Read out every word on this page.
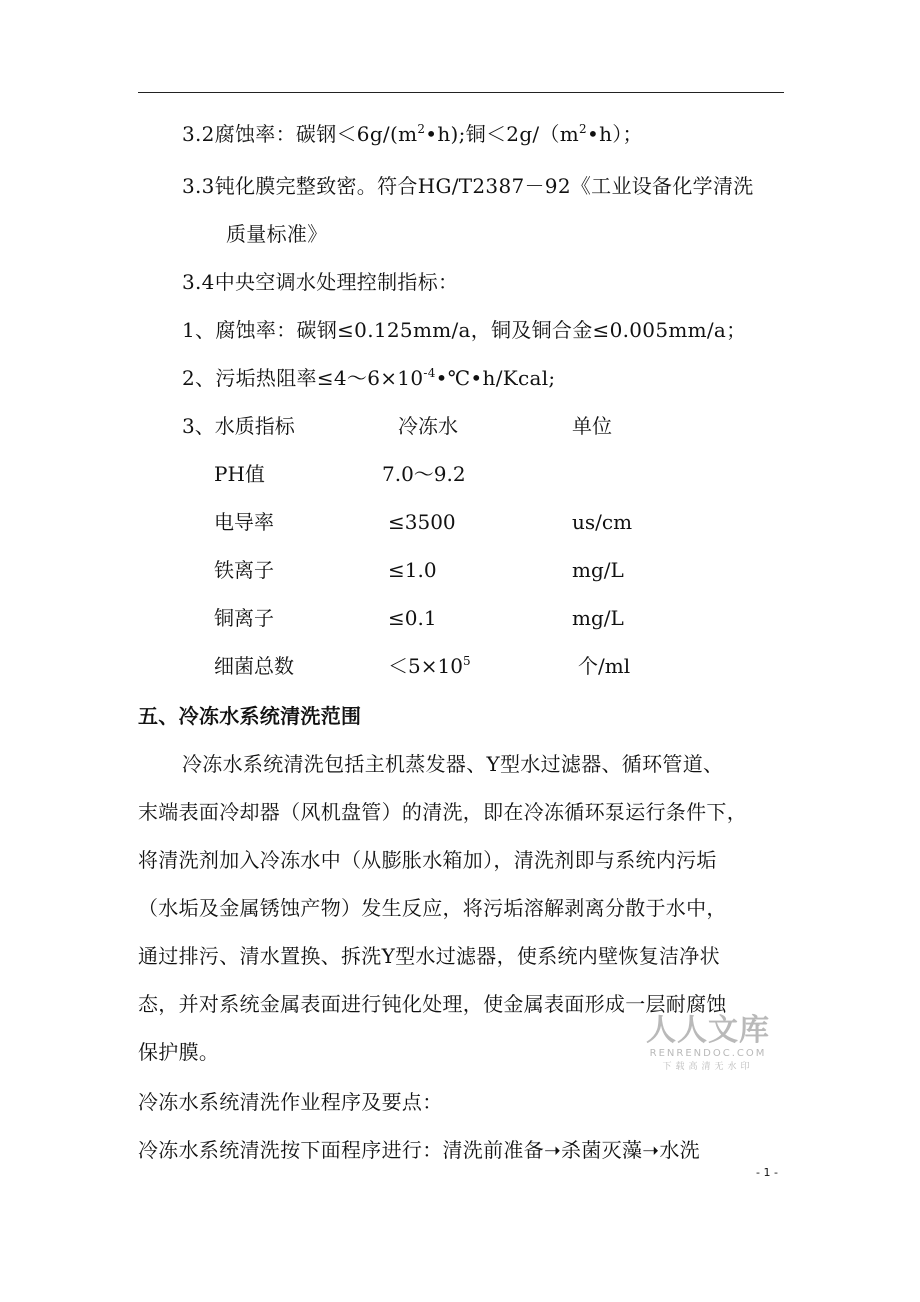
3.2腐蚀率：碳钢$<6g/(m^2•h)$;铜$<2g/(m^2•h)$；
3.3钝化膜完整致密。符合HG/T2387－92《工业设备化学清洗
质量标准》
3.4中央空调水处理控制指标：
1、腐蚀率：碳钢≤0.125mm/a，铜及铜合金≤0.005mm/a；
2、污垢热阻率$\le 4\sim 6\times 10^{-4}•℃•h$/Kcal;
3、水质指标	冷冻水	单位
PH值	7.0～9.2
电导率	≤3500	us/cm
铁离子	≤1.0	mg/L
铜离子	≤0.1	mg/L
细菌总数	$<5\times 10^5$	个/ml
五、冷冻水系统清洗范围
冷冻水系统清洗包括主机蒸发器、Y型水过滤器、循环管道、
末端表面冷却器（风机盘管）的清洗，即在冷冻循环泵运行条件下，
将清洗剂加入冷冻水中（从膨胀水箱加），清洗剂即与系统内污垢
（水垢及金属锈蚀产物）发生反应，将污垢溶解剥离分散于水中，
通过排污、清水置换、拆洗Y型水过滤器，使系统内壁恢复洁净状
态，并对系统金属表面进行钝化处理，使金属表面形成一层耐腐蚀
保护膜。
冷冻水系统清洗作业程序及要点：
冷冻水系统清洗按下面程序进行：清洗前准备➝杀菌灭藻➝水洗
人人文库
RENRENDOC.COM
下载高清无水印
- 1 -
